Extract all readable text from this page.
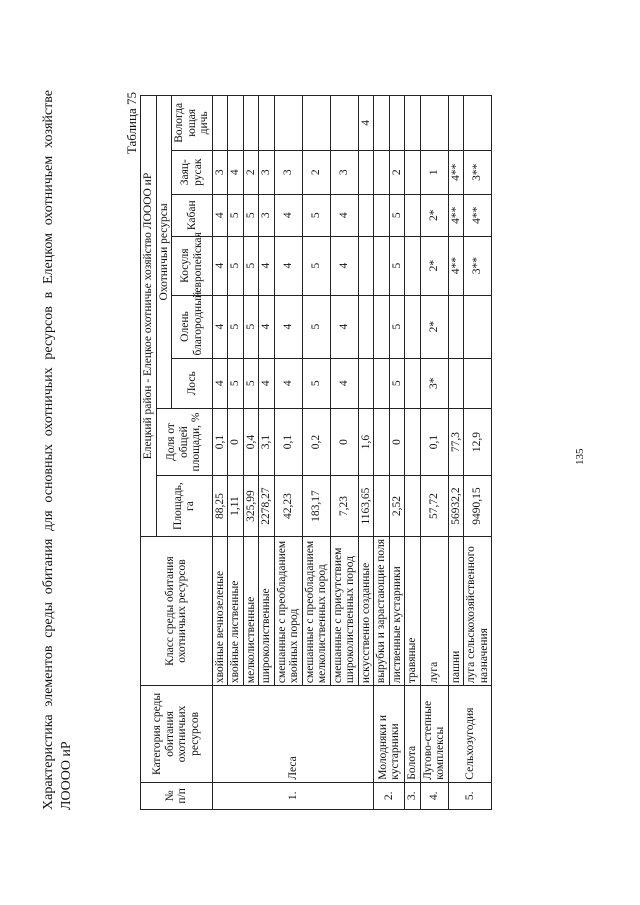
Характеристика элементов среды обитания для основных охотничьих ресурсов в Елецком охотничьем хозяйстве ЛОООО иР
Таблица 75
№ п/п	Категория среды обитания охотничьих ресурсов	Класс среды обитания охотничьих ресурсов	Елецкий район - Елецкое охотничье хозяйство ЛОООО иР							
			Площадь, га	Доля от общей площади, %	Охотничьи ресурсы					
					Лось	Олень благородный	Косуля европейская	Кабан	Заяц-русак	Вологда ющая дичь
1.	Леса	хвойные вечнозеленые	88,25	0,1	4	4	4	4	3	
		хвойные лиственные	1,11	0	5	5	5	5	4	
		мелколиственные	325,99	0,4	5	5	5	5	2	
		широколиственные	2278,27	3,1	4	4	4	3	3	
		смешанные с преобладанием хвойных пород	42,23	0,1	4	4	4	4	3	
		смешанные с преобладанием мелколиственных пород	183,17	0,2	5	5	5	5	2	
		смешанные с присутствием широколиственных пород	7,23	0	4	4	4	4	3	
		искусственно созданные	1163,65	1,6						4
2.	Молодняки и кустарники	вырубки и зарастающие поля								
		лиственные кустарники	2,52	0	5	5	5	5	2	
3.	Болота	травяные								
4.	Лугово-степные комплексы	луга	57,72	0,1	3*	2*	2*	2*	1	
5.	Сельхозугодия	пашни	56932,2	77,3			4**	4**	4**	
		луга сельскохозяйственного назначения	9490,15	12,9			3**	4**	3**	
135
